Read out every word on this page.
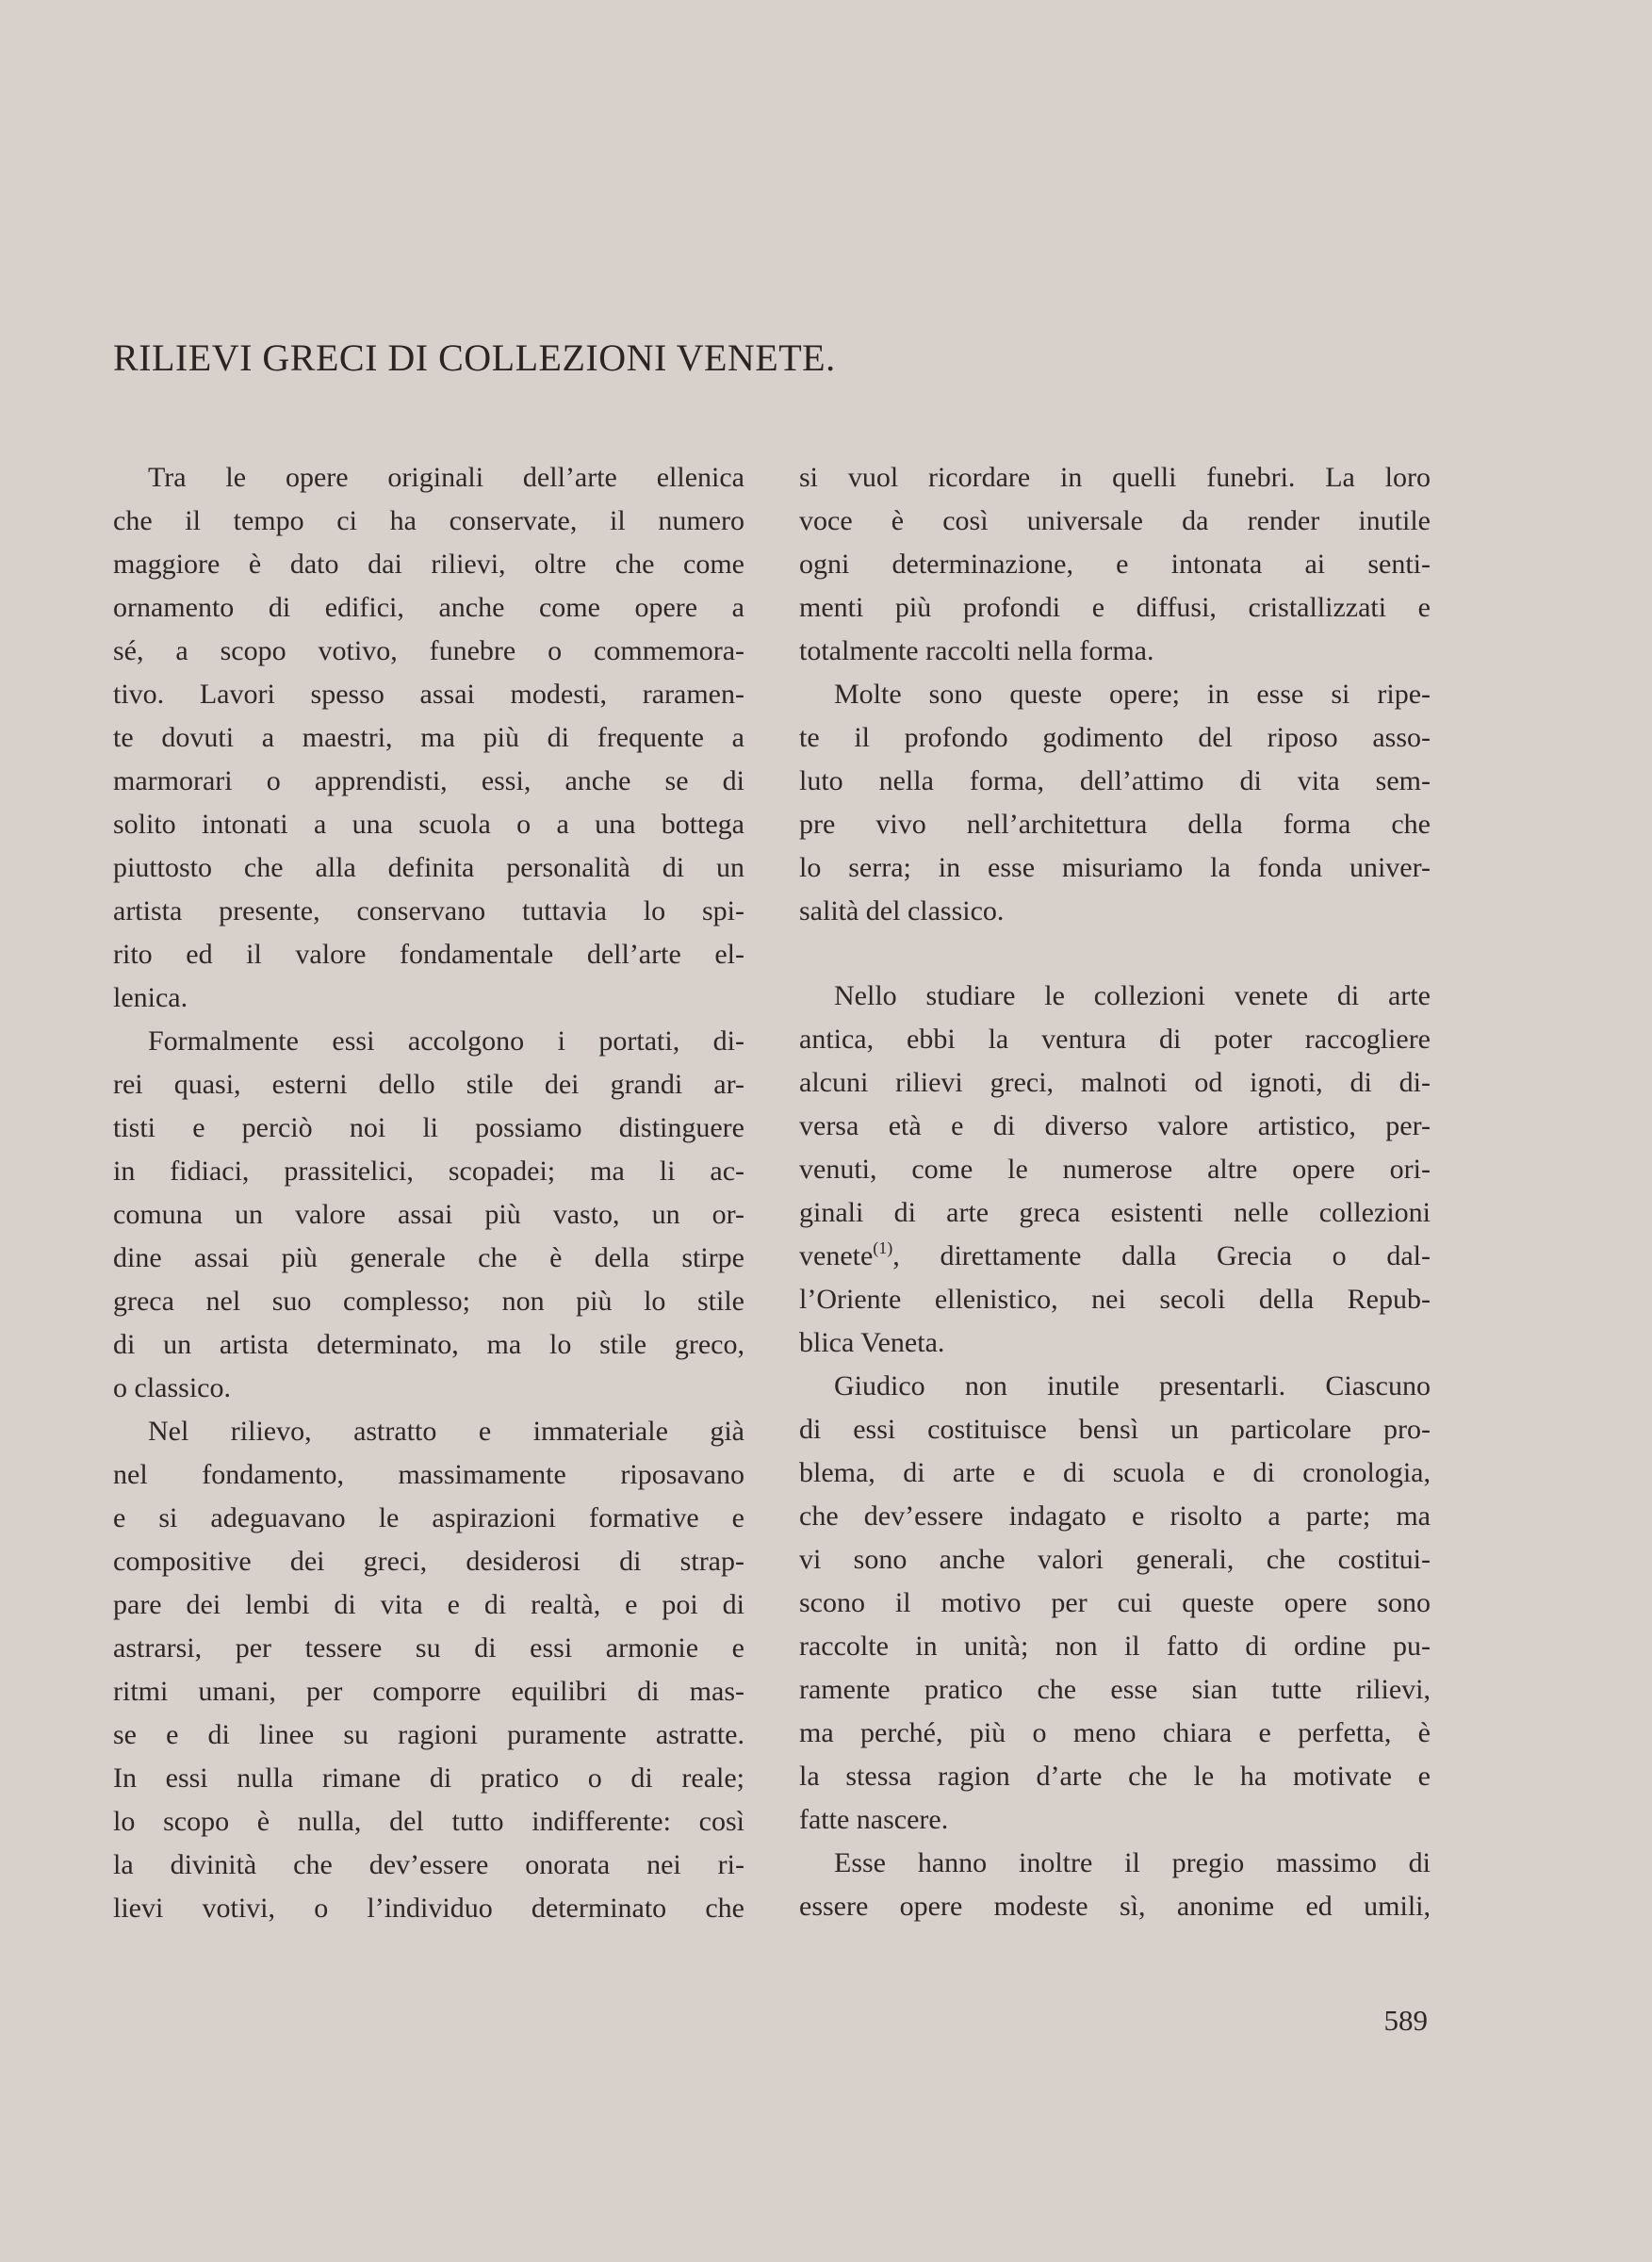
RILIEVI GRECI DI COLLEZIONI VENETE.
Tra le opere originali dell’arte ellenica
che il tempo ci ha conservate, il numero
maggiore è dato dai rilievi, oltre che come
ornamento di edifici, anche come opere a
sé, a scopo votivo, funebre o commemora-
tivo. Lavori spesso assai modesti, raramen-
te dovuti a maestri, ma più di frequente a
marmorari o apprendisti, essi, anche se di
solito intonati a una scuola o a una bottega
piuttosto che alla definita personalità di un
artista presente, conservano tuttavia lo spi-
rito ed il valore fondamentale dell’arte el-
lenica.
Formalmente essi accolgono i portati, di-
rei quasi, esterni dello stile dei grandi ar-
tisti e perciò noi li possiamo distinguere
in fidiaci, prassitelici, scopadei; ma li ac-
comuna un valore assai più vasto, un or-
dine assai più generale che è della stirpe
greca nel suo complesso; non più lo stile
di un artista determinato, ma lo stile greco,
o classico.
Nel rilievo, astratto e immateriale già
nel fondamento, massimamente riposavano
e si adeguavano le aspirazioni formative e
compositive dei greci, desiderosi di strap-
pare dei lembi di vita e di realtà, e poi di
astrarsi, per tessere su di essi armonie e
ritmi umani, per comporre equilibri di mas-
se e di linee su ragioni puramente astratte.
In essi nulla rimane di pratico o di reale;
lo scopo è nulla, del tutto indifferente: così
la divinità che dev’essere onorata nei ri-
lievi votivi, o l’individuo determinato che
si vuol ricordare in quelli funebri. La loro
voce è così universale da render inutile
ogni determinazione, e intonata ai senti-
menti più profondi e diffusi, cristallizzati e
totalmente raccolti nella forma.
Molte sono queste opere; in esse si ripe-
te il profondo godimento del riposo asso-
luto nella forma, dell’attimo di vita sem-
pre vivo nell’architettura della forma che
lo serra; in esse misuriamo la fonda univer-
salità del classico.
Nello studiare le collezioni venete di arte
antica, ebbi la ventura di poter raccogliere
alcuni rilievi greci, malnoti od ignoti, di di-
versa età e di diverso valore artistico, per-
venuti, come le numerose altre opere ori-
ginali di arte greca esistenti nelle collezioni
venete$^{(1)}$, direttamente dalla Grecia o dal-
l’Oriente ellenistico, nei secoli della Repub-
blica Veneta.
Giudico non inutile presentarli. Ciascuno
di essi costituisce bensì un particolare pro-
blema, di arte e di scuola e di cronologia,
che dev’essere indagato e risolto a parte; ma
vi sono anche valori generali, che costitui-
scono il motivo per cui queste opere sono
raccolte in unità; non il fatto di ordine pu-
ramente pratico che esse sian tutte rilievi,
ma perché, più o meno chiara e perfetta, è
la stessa ragion d’arte che le ha motivate e
fatte nascere.
Esse hanno inoltre il pregio massimo di
essere opere modeste sì, anonime ed umili,
589
